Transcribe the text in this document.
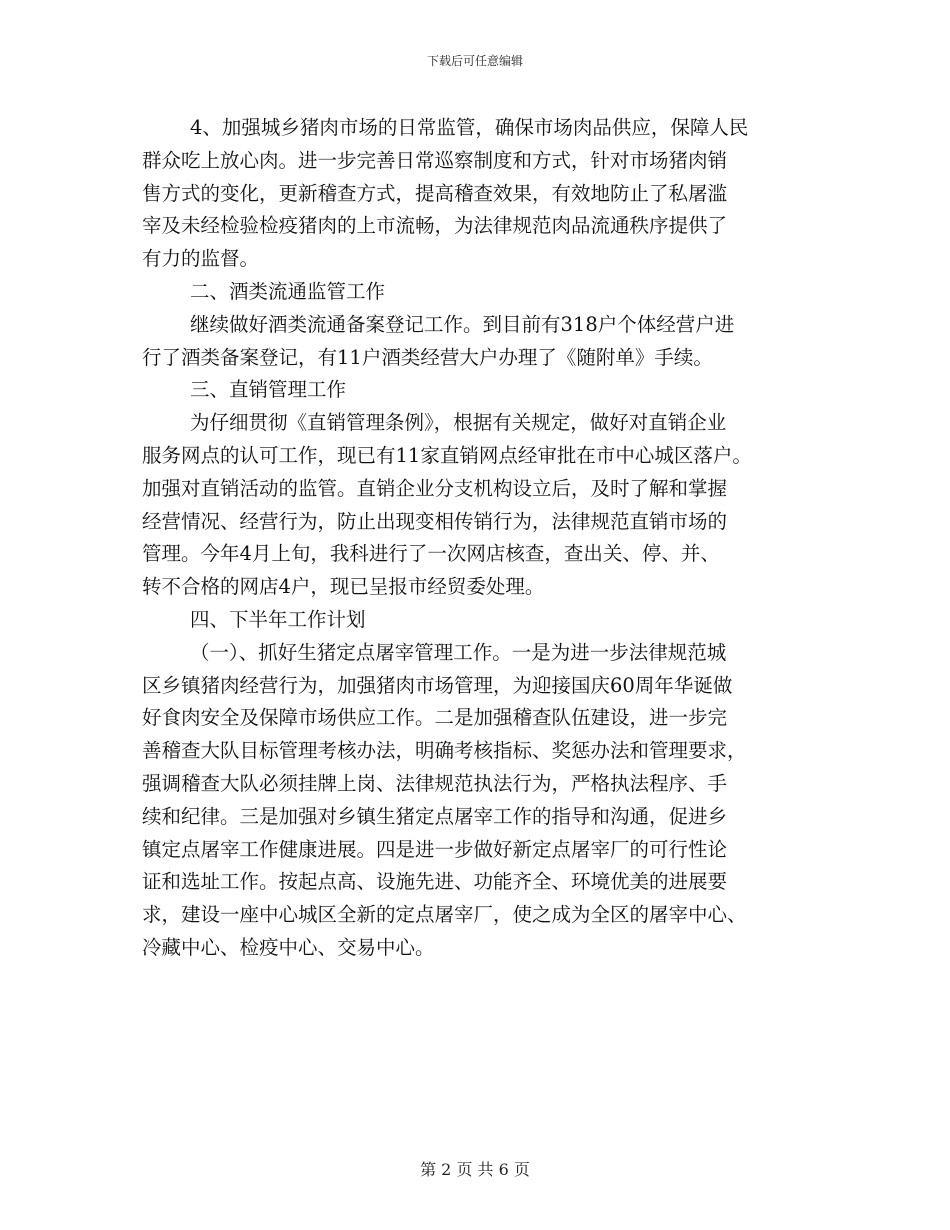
下载后可任意编辑
4、加强城乡猪肉市场的日常监管，确保市场肉品供应，保障人民
群众吃上放心肉。进一步完善日常巡察制度和方式，针对市场猪肉销
售方式的变化，更新稽查方式，提高稽查效果，有效地防止了私屠滥
宰及未经检验检疫猪肉的上市流畅，为法律规范肉品流通秩序提供了
有力的监督。
二、酒类流通监管工作
继续做好酒类流通备案登记工作。到目前有318户个体经营户进
行了酒类备案登记，有11户酒类经营大户办理了《随附单》手续。
三、直销管理工作
为仔细贯彻《直销管理条例》，根据有关规定，做好对直销企业
服务网点的认可工作，现已有11家直销网点经审批在市中心城区落户。
加强对直销活动的监管。直销企业分支机构设立后，及时了解和掌握
经营情况、经营行为，防止出现变相传销行为，法律规范直销市场的
管理。今年4月上旬，我科进行了一次网店核查，查出关、停、并、
转不合格的网店4户，现已呈报市经贸委处理。
四、下半年工作计划
（一）、抓好生猪定点屠宰管理工作。一是为进一步法律规范城
区乡镇猪肉经营行为，加强猪肉市场管理，为迎接国庆60周年华诞做
好食肉安全及保障市场供应工作。二是加强稽查队伍建设，进一步完
善稽查大队目标管理考核办法，明确考核指标、奖惩办法和管理要求，
强调稽查大队必须挂牌上岗、法律规范执法行为，严格执法程序、手
续和纪律。三是加强对乡镇生猪定点屠宰工作的指导和沟通，促进乡
镇定点屠宰工作健康进展。四是进一步做好新定点屠宰厂的可行性论
证和选址工作。按起点高、设施先进、功能齐全、环境优美的进展要
求，建设一座中心城区全新的定点屠宰厂，使之成为全区的屠宰中心、
冷藏中心、检疫中心、交易中心。
第 2 页 共 6 页
